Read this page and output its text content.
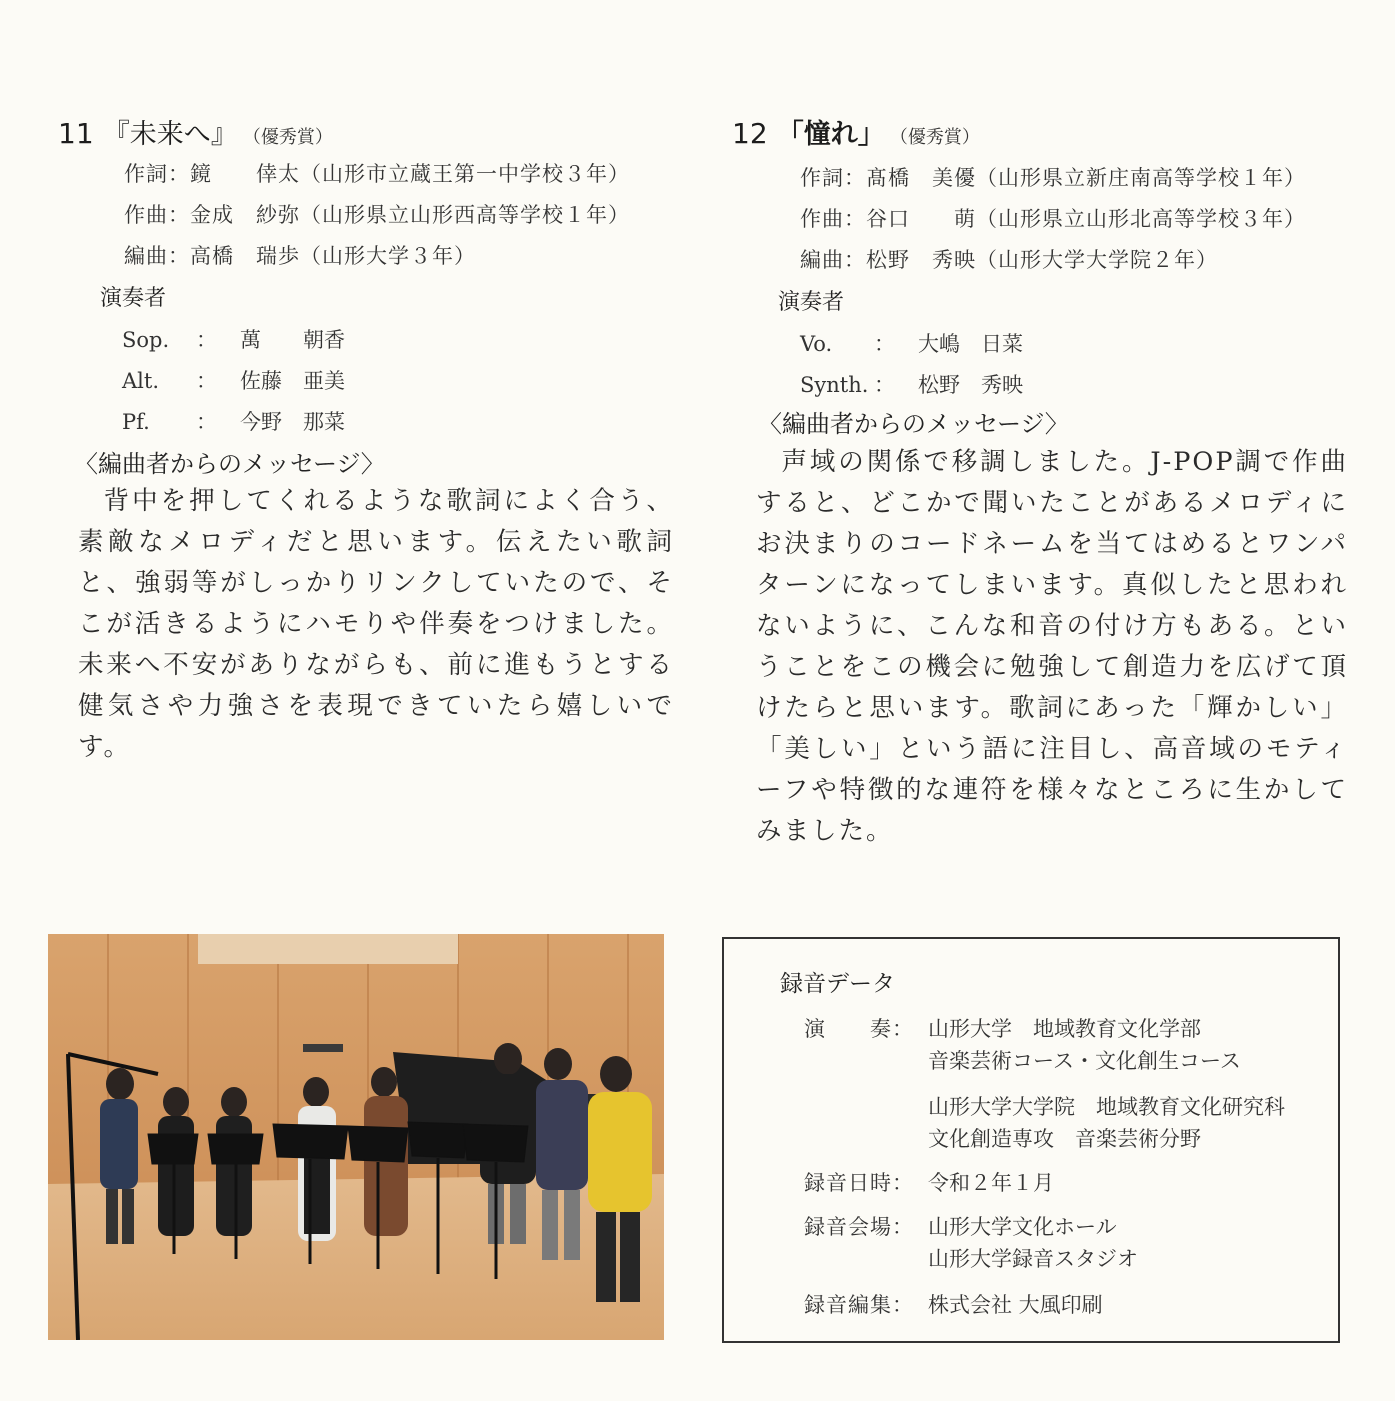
11 『未来へ』 （優秀賞）
作詞：鏡　　倖太（山形市立蔵王第一中学校３年）
作曲：金成　紗弥（山形県立山形西高等学校１年）
編曲：高橋　瑞歩（山形大学３年）
演奏者
Sop. ： 萬　　朝香
Alt. ： 佐藤　亜美
Pf. ： 今野　那菜
〈編曲者からのメッセージ〉
背中を押してくれるような歌詞によく合う、素敵なメロディだと思います。伝えたい歌詞と、強弱等がしっかりリンクしていたので、そこが活きるようにハモりや伴奏をつけました。未来へ不安がありながらも、前に進もうとする健気さや力強さを表現できていたら嬉しいです。
12 「憧れ」 （優秀賞）
作詞：髙橋　美優（山形県立新庄南高等学校１年）
作曲：谷口　　萌（山形県立山形北高等学校３年）
編曲：松野　秀映（山形大学大学院２年）
演奏者
Vo. ： 大嶋　日菜
Synth. ： 松野　秀映
〈編曲者からのメッセージ〉
声域の関係で移調しました。J-POP調で作曲すると、どこかで聞いたことがあるメロディにお決まりのコードネームを当てはめるとワンパターンになってしまいます。真似したと思われないように、こんな和音の付け方もある。ということをこの機会に勉強して創造力を広げて頂けたらと思います。歌詞にあった「輝かしい」「美しい」という語に注目し、高音域のモティーフや特徴的な連符を様々なところに生かしてみました。
録音データ
演　　奏： 山形大学　地域教育文化学部
音楽芸術コース・文化創生コース
山形大学大学院　地域教育文化研究科
文化創造専攻　音楽芸術分野
録音日時： 令和２年１月
録音会場： 山形大学文化ホール
山形大学録音スタジオ
録音編集： 株式会社 大風印刷
